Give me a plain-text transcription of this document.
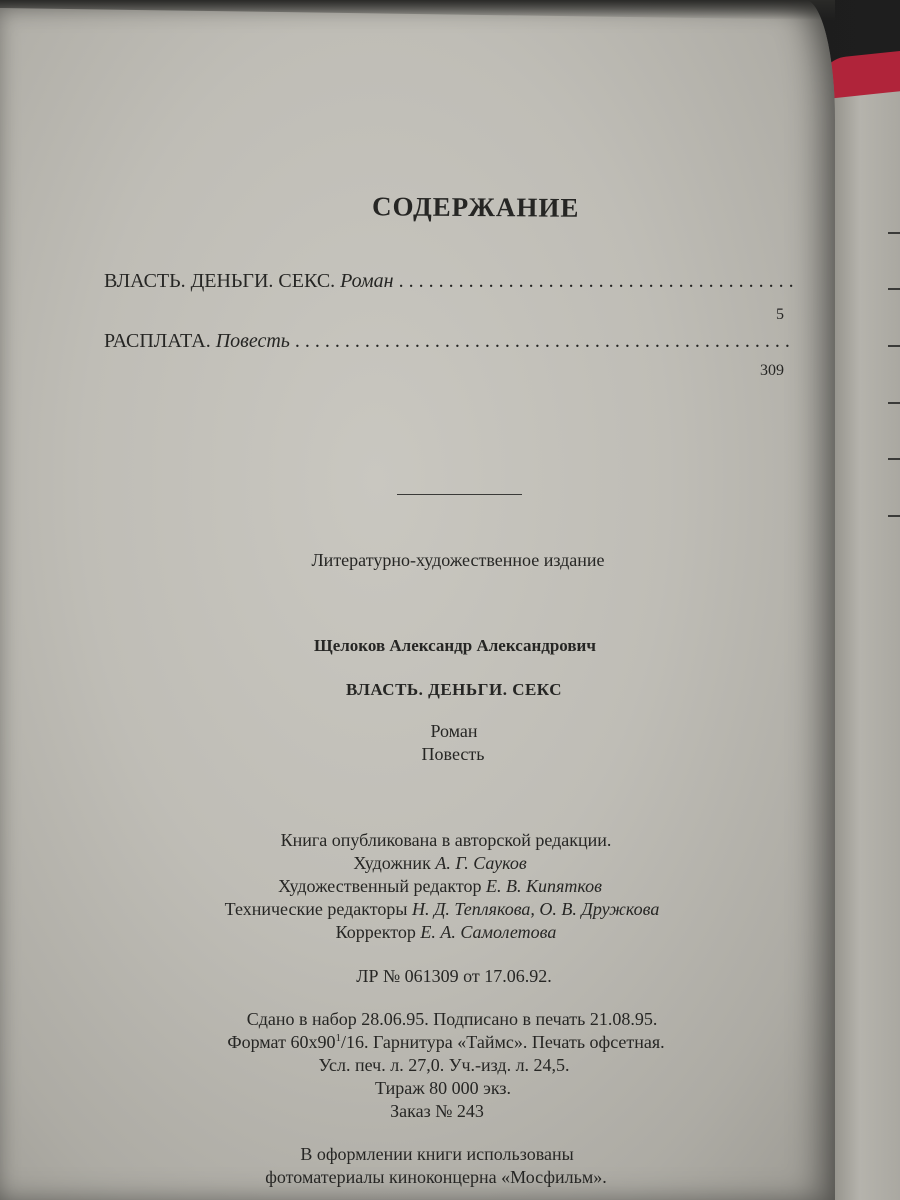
СОДЕРЖАНИЕ
ВЛАСТЬ. ДЕНЬГИ. СЕКС. Роман . . . . . . . . . . . . . . . . . . . . . . . . . . . . . . . . . . . . . . . .
5
РАСПЛАТА. Повесть . . . . . . . . . . . . . . . . . . . . . . . . . . . . . . . . . . . . . . . . . . . . . . . . . .
309
Литературно-художественное издание
Щелоков Александр Александрович
ВЛАСТЬ. ДЕНЬГИ. СЕКС
Роман
Повесть
Книга опубликована в авторской редакции.
Художник А. Г. Сауков
Художественный редактор Е. В. Кипятков
Технические редакторы Н. Д. Теплякова, О. В. Дружкова
Корректор Е. А. Самолетова
ЛР № 061309 от 17.06.92.
Сдано в набор 28.06.95. Подписано в печать 21.08.95.
Формат $60x90^1/16$. Гарнитура «Таймс». Печать офсетная.
Усл. печ. л. 27,0. Уч.-изд. л. 24,5.
Тираж 80 000 экз.
Заказ № 243
В оформлении книги использованы
фотоматериалы киноконцерна «Мосфильм».
